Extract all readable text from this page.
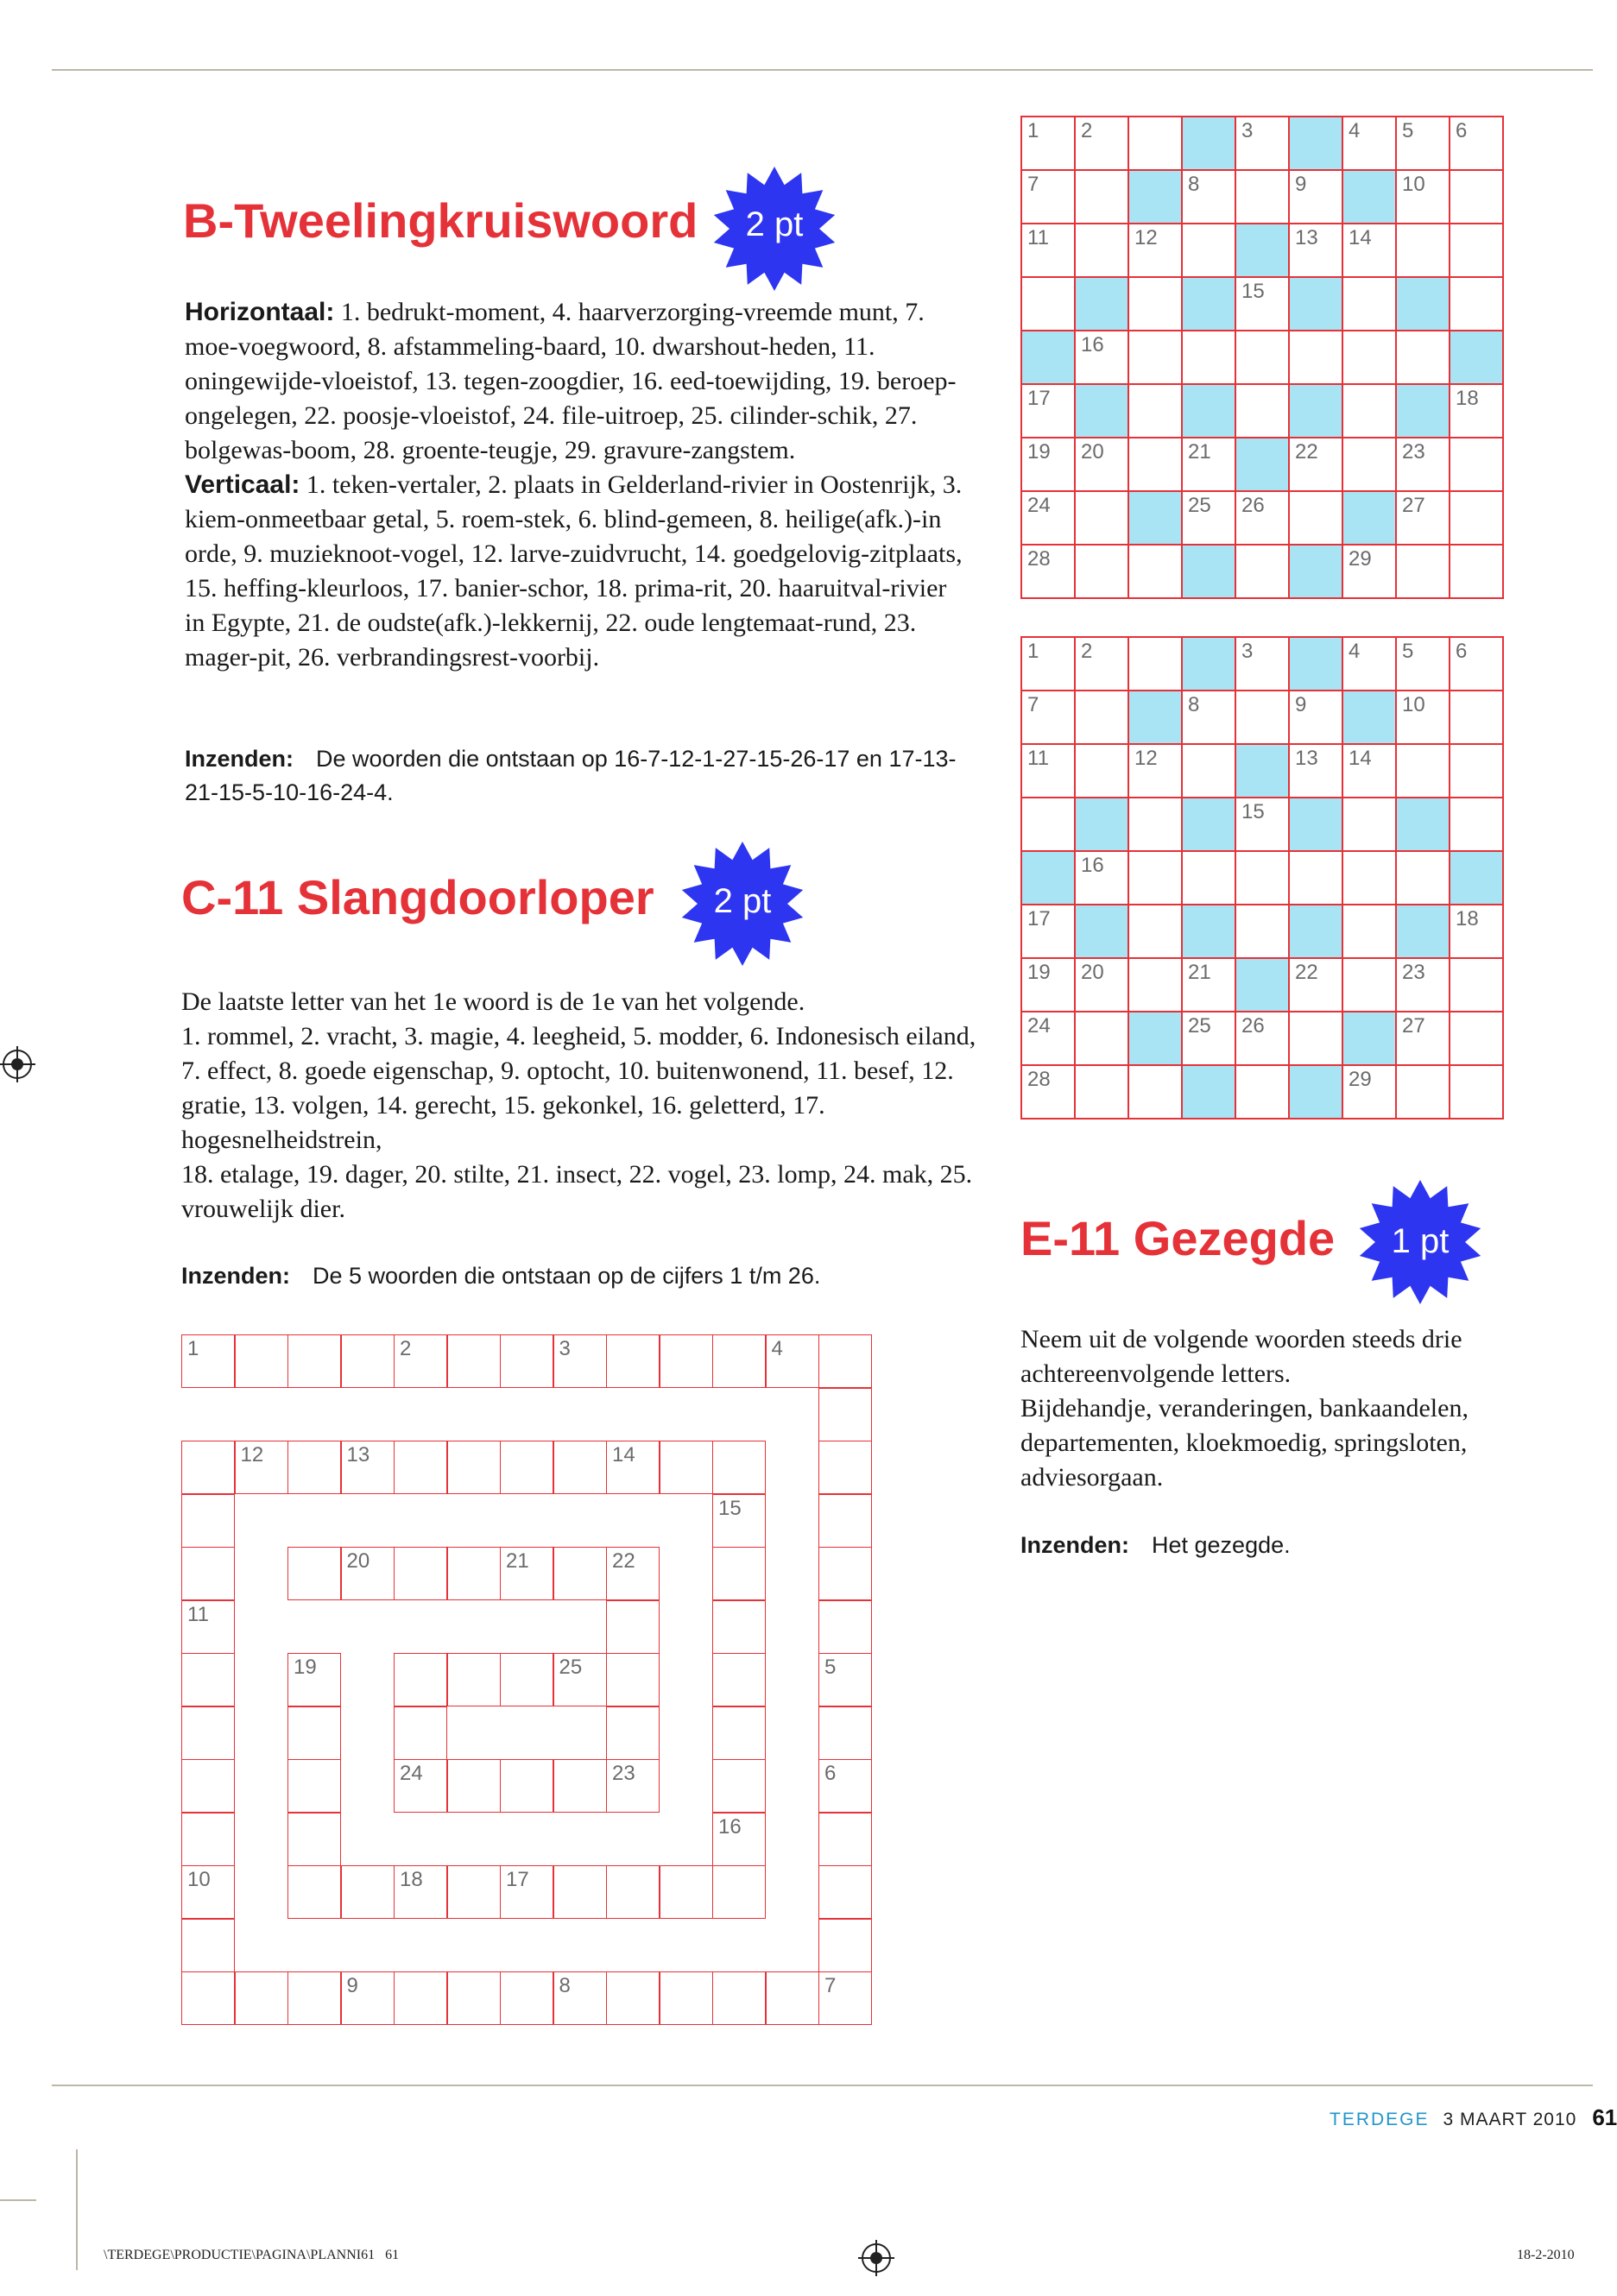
B-Tweelingkruiswoord	2 pt

Horizontaal: 1. bedrukt-moment, 4. haarverzorging-vreemde munt, 7. moe-voegwoord, 8. afstammeling-baard, 10. dwarshout-heden, 11. oningewijde-vloeistof, 13. tegen-zoogdier, 16. eed-toewijding, 19. beroep-ongelegen, 22. poosje-vloeistof, 24. file-uitroep, 25. cilinder-schik, 27. bolgewas-boom, 28. groente-teugje, 29. gravure-zangstem.
Verticaal: 1. teken-vertaler, 2. plaats in Gelderland-rivier in Oostenrijk, 3. kiem-onmeetbaar getal, 5. roem-stek, 6. blind-gemeen, 8. heilige(afk.)-in orde, 9. muzieknoot-vogel, 12. larve-zuidvrucht, 14. goedgelovig-zitplaats, 15. heffing-kleurloos, 17. banier-schor, 18. prima-rit, 20. haaruitval-rivier in Egypte, 21. de oudste(afk.)-lekkernij, 22. oude lengtemaat-rund, 23. mager-pit, 26. verbrandingsrest-voorbij.

Inzenden: De woorden die ontstaan op 16-7-12-1-27-15-26-17 en 17-13-21-15-5-10-16-24-4.
C-11 Slangdoorloper	2 pt

De laatste letter van het 1e woord is de 1e van het volgende.
1. rommel, 2. vracht, 3. magie, 4. leegheid, 5. modder, 6. Indonesisch eiland, 7. effect, 8. goede eigenschap, 9. optocht, 10. buitenwonend, 11. besef, 12. gratie, 13. volgen, 14. gerecht, 15. gekonkel, 16. geletterd, 17. hogesnelheidstrein,
18. etalage, 19. dager, 20. stilte, 21. insect, 22. vogel, 23. lomp, 24. mak, 25. vrouwelijk dier.

Inzenden: De 5 woorden die ontstaan op de cijfers 1 t/m 26.
1	2	3	4
12	13	14
15
20	21	22
11
19	25	5
24	23	6
16
10	18	17
9	8	7
1 2	3	4 5 6
7	8	9	10
11	12	13 14
15
16
17	18
19 20	21	22	23
24	25 26	27
28	29
1 2	3	4 5 6
7	8	9	10
11	12	13 14
15
16
17	18
19 20	21	22	23
24	25 26	27
28	29
E-11 Gezegde	1 pt

Neem uit de volgende woorden steeds drie achtereenvolgende letters.
Bijdehandje, veranderingen, bankaandelen, departementen, kloekmoedig, springsloten, adviesorgaan.

Inzenden: Het gezegde.
TERDEGE 3 MAART 2010 61
\TERDEGE\PRODUCTIE\PAGINA\PLANNI61 61	18-2-2010
